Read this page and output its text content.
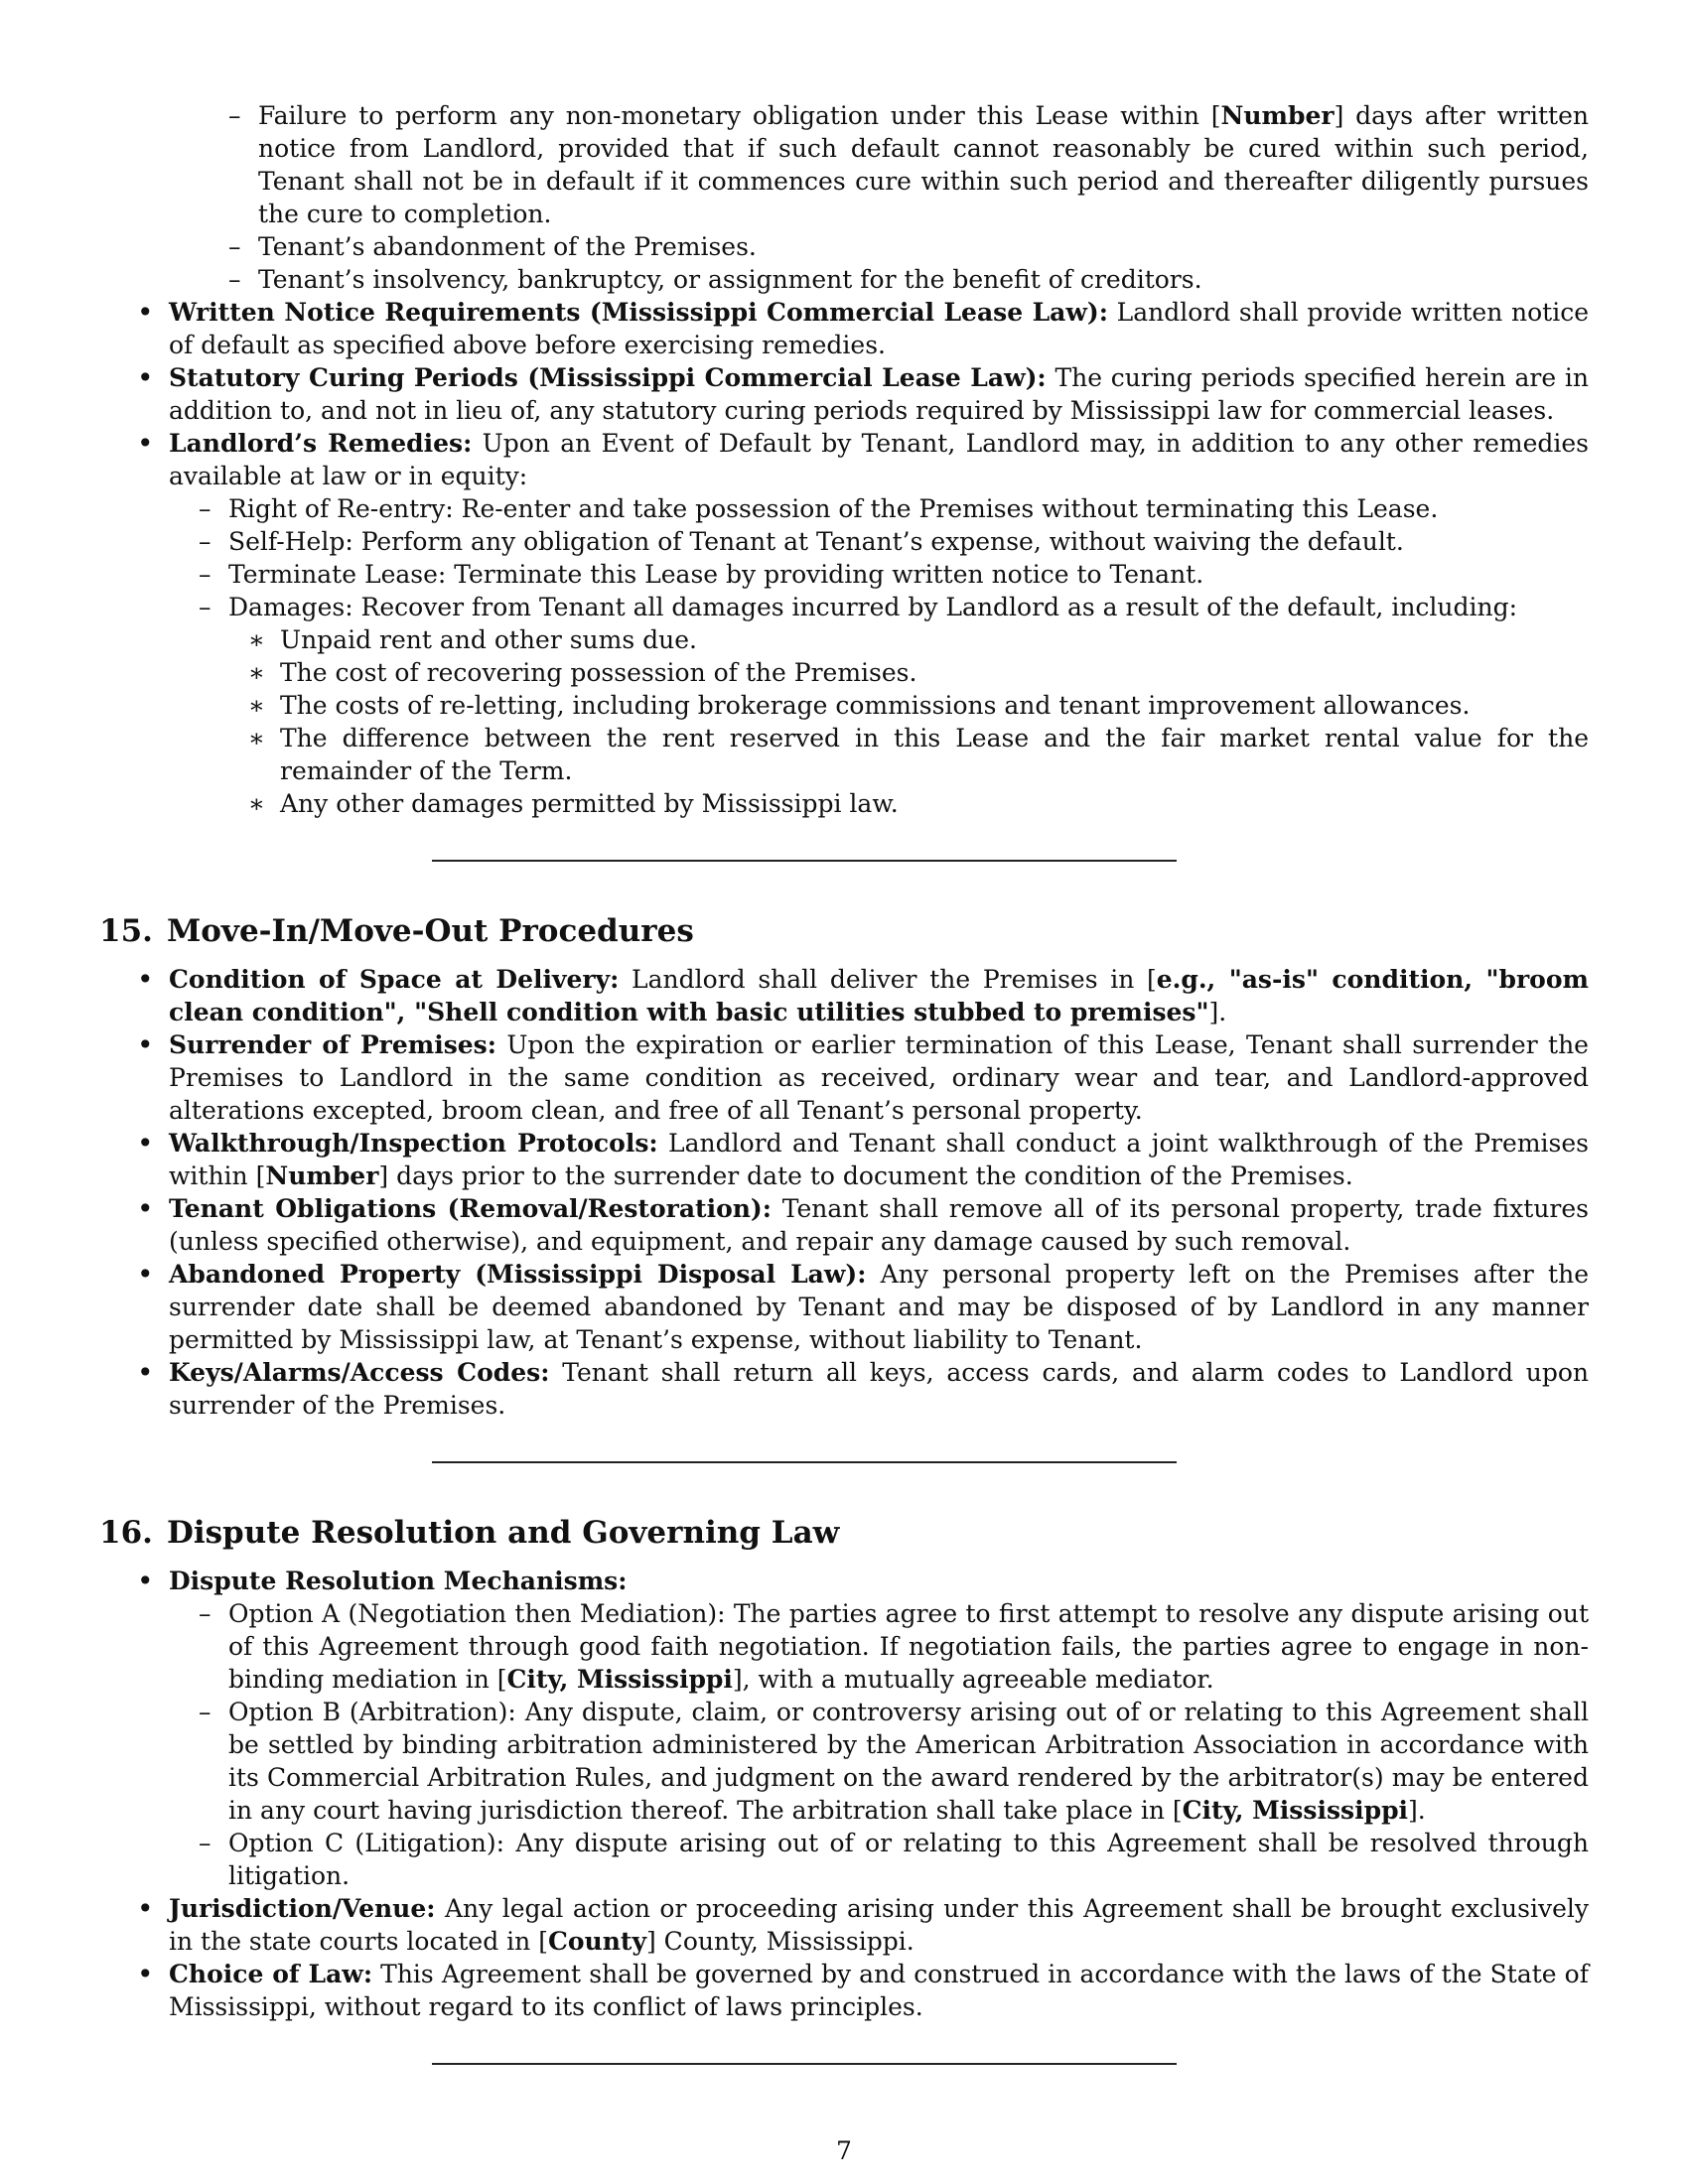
– Failure to perform any non-monetary obligation under this Lease within [Number] days after written notice from Landlord, provided that if such default cannot reasonably be cured within such period, Tenant shall not be in default if it commences cure within such period and thereafter diligently pursues the cure to completion.
– Tenant’s abandonment of the Premises.
– Tenant’s insolvency, bankruptcy, or assignment for the benefit of creditors.
• Written Notice Requirements (Mississippi Commercial Lease Law): Landlord shall provide written notice of default as specified above before exercising remedies.
• Statutory Curing Periods (Mississippi Commercial Lease Law): The curing periods specified herein are in addition to, and not in lieu of, any statutory curing periods required by Mississippi law for commercial leases.
• Landlord’s Remedies: Upon an Event of Default by Tenant, Landlord may, in addition to any other remedies available at law or in equity:
– Right of Re-entry: Re-enter and take possession of the Premises without terminating this Lease.
– Self-Help: Perform any obligation of Tenant at Tenant’s expense, without waiving the default.
– Terminate Lease: Terminate this Lease by providing written notice to Tenant.
– Damages: Recover from Tenant all damages incurred by Landlord as a result of the default, including:
∗ Unpaid rent and other sums due.
∗ The cost of recovering possession of the Premises.
∗ The costs of re-letting, including brokerage commissions and tenant improvement allowances.
∗ The difference between the rent reserved in this Lease and the fair market rental value for the remainder of the Term.
∗ Any other damages permitted by Mississippi law.
15. Move-In/Move-Out Procedures
• Condition of Space at Delivery: Landlord shall deliver the Premises in [e.g., "as-is" condition, "broom clean condition", "Shell condition with basic utilities stubbed to premises"].
• Surrender of Premises: Upon the expiration or earlier termination of this Lease, Tenant shall surrender the Premises to Landlord in the same condition as received, ordinary wear and tear, and Landlord-approved alterations excepted, broom clean, and free of all Tenant’s personal property.
• Walkthrough/Inspection Protocols: Landlord and Tenant shall conduct a joint walkthrough of the Premises within [Number] days prior to the surrender date to document the condition of the Premises.
• Tenant Obligations (Removal/Restoration): Tenant shall remove all of its personal property, trade fixtures (unless specified otherwise), and equipment, and repair any damage caused by such removal.
• Abandoned Property (Mississippi Disposal Law): Any personal property left on the Premises after the surrender date shall be deemed abandoned by Tenant and may be disposed of by Landlord in any manner permitted by Mississippi law, at Tenant’s expense, without liability to Tenant.
• Keys/Alarms/Access Codes: Tenant shall return all keys, access cards, and alarm codes to Landlord upon surrender of the Premises.
16. Dispute Resolution and Governing Law
• Dispute Resolution Mechanisms:
– Option A (Negotiation then Mediation): The parties agree to first attempt to resolve any dispute arising out of this Agreement through good faith negotiation. If negotiation fails, the parties agree to engage in non-binding mediation in [City, Mississippi], with a mutually agreeable mediator.
– Option B (Arbitration): Any dispute, claim, or controversy arising out of or relating to this Agreement shall be settled by binding arbitration administered by the American Arbitration Association in accordance with its Commercial Arbitration Rules, and judgment on the award rendered by the arbitrator(s) may be entered in any court having jurisdiction thereof. The arbitration shall take place in [City, Mississippi].
– Option C (Litigation): Any dispute arising out of or relating to this Agreement shall be resolved through litigation.
• Jurisdiction/Venue: Any legal action or proceeding arising under this Agreement shall be brought exclusively in the state courts located in [County] County, Mississippi.
• Choice of Law: This Agreement shall be governed by and construed in accordance with the laws of the State of Mississippi, without regard to its conflict of laws principles.
7
